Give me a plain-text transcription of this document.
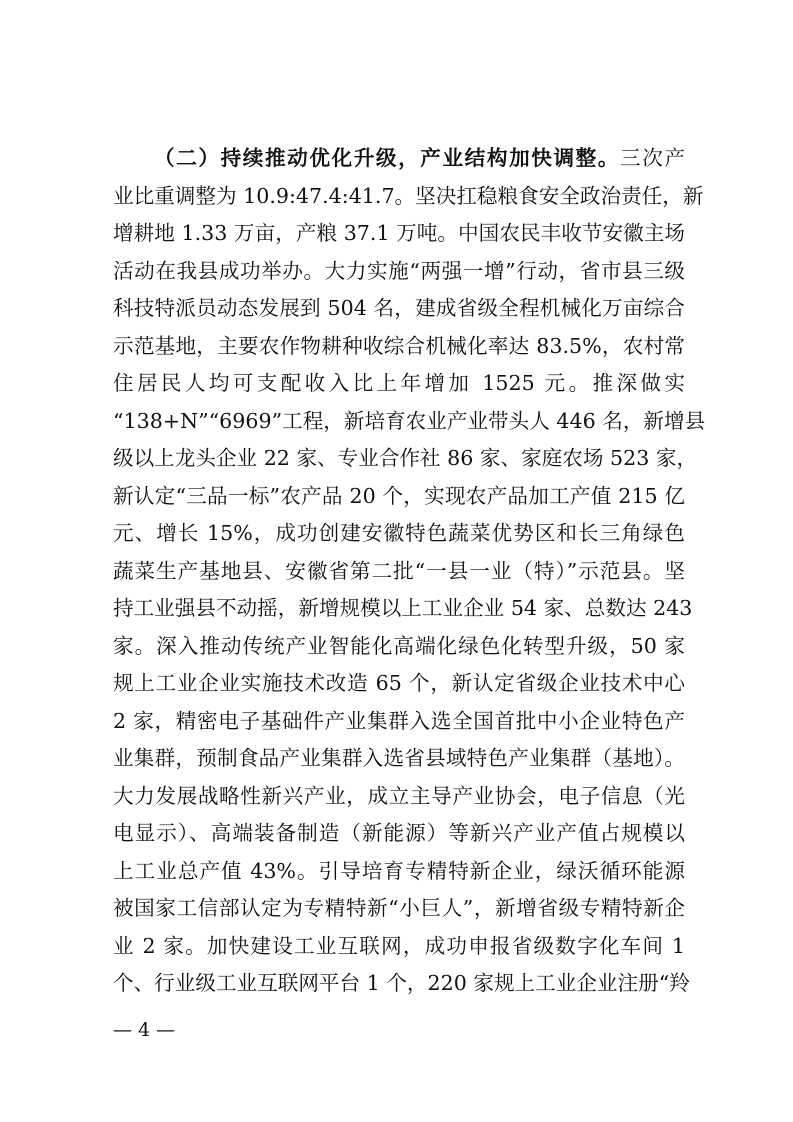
（二）持续推动优化升级，产业结构加快调整。三次产
业比重调整为 10.9:47.4:41.7。坚决扛稳粮食安全政治责任，新
增耕地 1.33 万亩，产粮 37.1 万吨。中国农民丰收节安徽主场
活动在我县成功举办。大力实施“两强一增”行动，省市县三级
科技特派员动态发展到 504 名，建成省级全程机械化万亩综合
示范基地，主要农作物耕种收综合机械化率达 83.5%，农村常
住居民人均可支配收入比上年增加 1525 元。推深做实
“138+N”“6969”工程，新培育农业产业带头人 446 名，新增县
级以上龙头企业 22 家、专业合作社 86 家、家庭农场 523 家，
新认定“三品一标”农产品 20 个，实现农产品加工产值 215 亿
元、增长 15%，成功创建安徽特色蔬菜优势区和长三角绿色
蔬菜生产基地县、安徽省第二批“一县一业（特）”示范县。坚
持工业强县不动摇，新增规模以上工业企业 54 家、总数达 243
家。深入推动传统产业智能化高端化绿色化转型升级，50 家
规上工业企业实施技术改造 65 个，新认定省级企业技术中心
2 家，精密电子基础件产业集群入选全国首批中小企业特色产
业集群，预制食品产业集群入选省县域特色产业集群（基地）。
大力发展战略性新兴产业，成立主导产业协会，电子信息（光
电显示）、高端装备制造（新能源）等新兴产业产值占规模以
上工业总产值 43%。引导培育专精特新企业，绿沃循环能源
被国家工信部认定为专精特新“小巨人”，新增省级专精特新企
业 2 家。加快建设工业互联网，成功申报省级数字化车间 1
个、行业级工业互联网平台 1 个，220 家规上工业企业注册“羚
— 4 —
